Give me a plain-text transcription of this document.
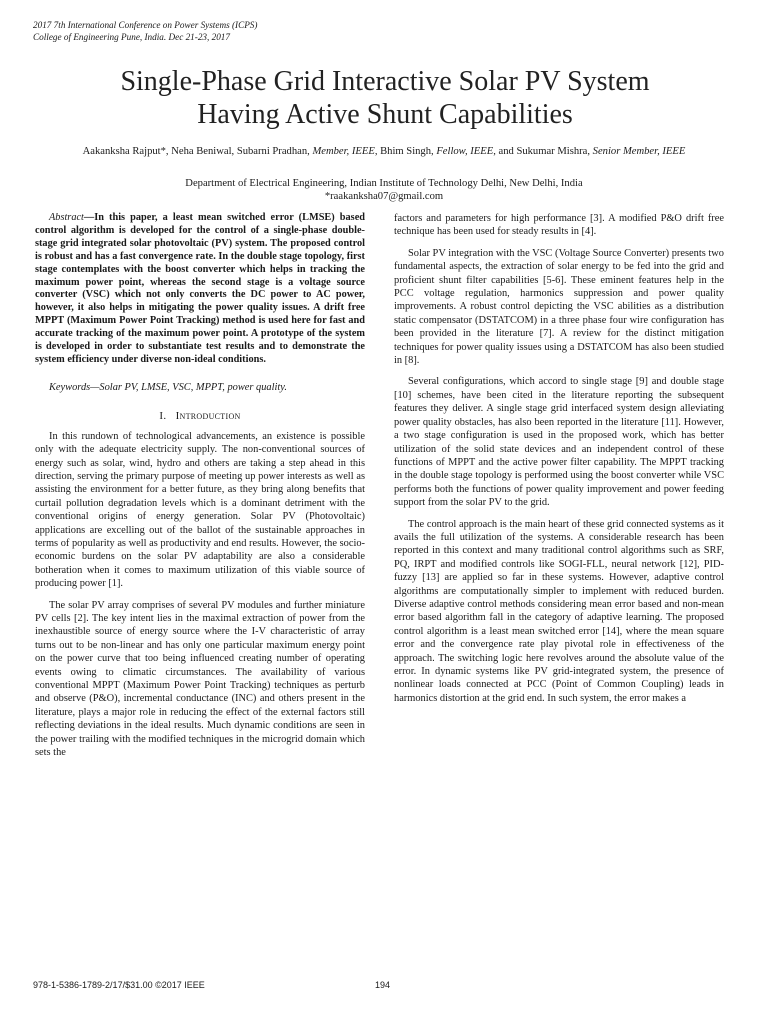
2017 7th International Conference on Power Systems (ICPS)
College of Engineering Pune, India. Dec 21-23, 2017
Single-Phase Grid Interactive Solar PV System
Having Active Shunt Capabilities
Aakanksha Rajput*, Neha Beniwal, Subarni Pradhan, Member, IEEE, Bhim Singh, Fellow, IEEE, and Sukumar Mishra, Senior Member, IEEE
Department of Electrical Engineering, Indian Institute of Technology Delhi, New Delhi, India
*raakanksha07@gmail.com
Abstract—In this paper, a least mean switched error (LMSE) based control algorithm is developed for the control of a single-phase double- stage grid integrated solar photovoltaic (PV) system. The proposed control is robust and has a fast convergence rate. In the double stage topology, first stage contemplates with the boost converter which helps in tracking the maximum power point, whereas the second stage is a voltage source converter (VSC) which not only converts the DC power to AC power, however, it also helps in mitigating the power quality issues. A drift free MPPT (Maximum Power Point Tracking) method is used here for fast and accurate tracking of the maximum power point. A prototype of the system is developed in order to substantiate test results and to demonstrate the system efficiency under diverse non-ideal conditions.
Keywords—Solar PV, LMSE, VSC, MPPT, power quality.
I. Introduction

In this rundown of technological advancements, an existence is possible only with the adequate electricity supply. The non-conventional sources of energy such as solar, wind, hydro and others are taking a step ahead in this direction, serving the primary purpose of meeting up power interests as well as assisting the environment for a better future, as they bring along benefits that curtail pollution degradation levels which is a dominant detriment with the conventional origins of energy generation. Solar PV (Photovoltaic) applications are excelling out of the ballot of the sustainable approaches in terms of popularity as well as productivity and end results. However, the socio-economic burdens on the solar PV adaptability are also a considerable botheration when it comes to maximum utilization of this viable source of producing power [1].

The solar PV array comprises of several PV modules and further miniature PV cells [2]. The key intent lies in the maximal extraction of power from the inexhaustible source of energy source where the I-V characteristic of array turns out to be non-linear and has only one particular maximum energy point on the power curve that too being influenced creating number of operating events owing to climatic circumstances. The availability of various conventional MPPT (Maximum Power Point Tracking) techniques as perturb and observe (P&O), incremental conductance (INC) and others present in the literature, plays a major role in reducing the effect of the external factors still reflecting deviations in the ideal results. Much dynamic conditions are seen in the power trailing with the modified techniques in the microgrid domain which sets the

factors and parameters for high performance [3]. A modified P&O drift free technique has been used for steady results in [4].

Solar PV integration with the VSC (Voltage Source Converter) presents two fundamental aspects, the extraction of solar energy to be fed into the grid and proficient shunt filter capabilities [5-6]. These eminent features help in the PCC voltage regulation, harmonics suppression and power quality improvements. A robust control depicting the VSC abilities as a distribution static compensator (DSTATCOM) in a three phase four wire configuration has been provided in the literature [7]. A review for the distinct mitigation techniques for power quality issues using a DSTATCOM has also been studied in [8].

Several configurations, which accord to single stage [9] and double stage [10] schemes, have been cited in the literature reporting the subsequent features they deliver. A single stage grid interfaced system design alleviating power quality obstacles, has also been reported in the literature [11]. However, a two stage configuration is used in the proposed work, which has better utilization of the solid state devices and an independent control of these functions of MPPT and the active power filter capability. The MPPT tracking in the double stage topology is performed using the boost converter while VSC performs both the functions of power quality improvement and power feeding support from the solar PV to the grid.

The control approach is the main heart of these grid connected systems as it avails the full utilization of the systems. A considerable research has been reported in this context and many traditional control algorithms such as SRF, PQ, IRPT and modified controls like SOGI-FLL, neural network [12], PID-fuzzy [13] are applied so far in these systems. However, adaptive control algorithms are computationally simpler to implement with reduced burden. Diverse adaptive control methods considering mean error based and non-mean error based algorithm fall in the category of adaptive learning. The proposed control algorithm is a least mean switched error [14], where the mean square error and the convergence rate play pivotal role in effectiveness of the approach. The switching logic here revolves around the absolute value of the error. In dynamic systems like PV grid-integrated system, the presence of nonlinear loads connected at PCC (Point of Common Coupling) leads in harmonics distortion at the grid end. In such system, the error makes a

978-1-5386-1789-2/17/$31.00 ©2017 IEEE	194
